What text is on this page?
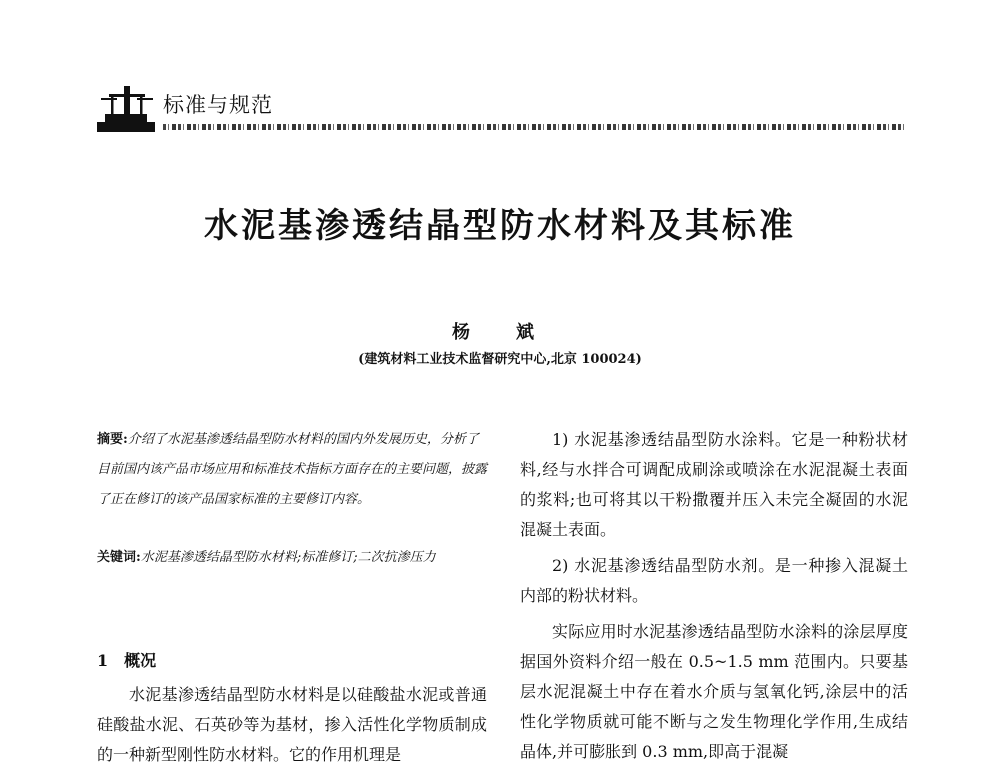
标准与规范
水泥基渗透结晶型防水材料及其标准
杨　斌
(建筑材料工业技术监督研究中心,北京 100024)

摘要:介绍了水泥基渗透结晶型防水材料的国内外发展历史，分析了目前国内该产品市场应用和标准技术指标方面存在的主要问题，披露了正在修订的该产品国家标准的主要修订内容。

关键词:水泥基渗透结晶型防水材料;标准修订;二次抗渗压力

1　概况

水泥基渗透结晶型防水材料是以硅酸盐水泥或普通硅酸盐水泥、石英砂等为基材，掺入活性化学物质制成的一种新型刚性防水材料。它的作用机理是

1) 水泥基渗透结晶型防水涂料。它是一种粉状材料,经与水拌合可调配成刷涂或喷涂在水泥混凝土表面的浆料;也可将其以干粉撒覆并压入未完全凝固的水泥混凝土表面。

2) 水泥基渗透结晶型防水剂。是一种掺入混凝土内部的粉状材料。

实际应用时水泥基渗透结晶型防水涂料的涂层厚度据国外资料介绍一般在 0.5~1.5 mm 范围内。只要基层水泥混凝土中存在着水介质与氢氧化钙,涂层中的活性化学物质就可能不断与之发生物理化学作用,生成结晶体,并可膨胀到 0.3 mm,即高于混凝
